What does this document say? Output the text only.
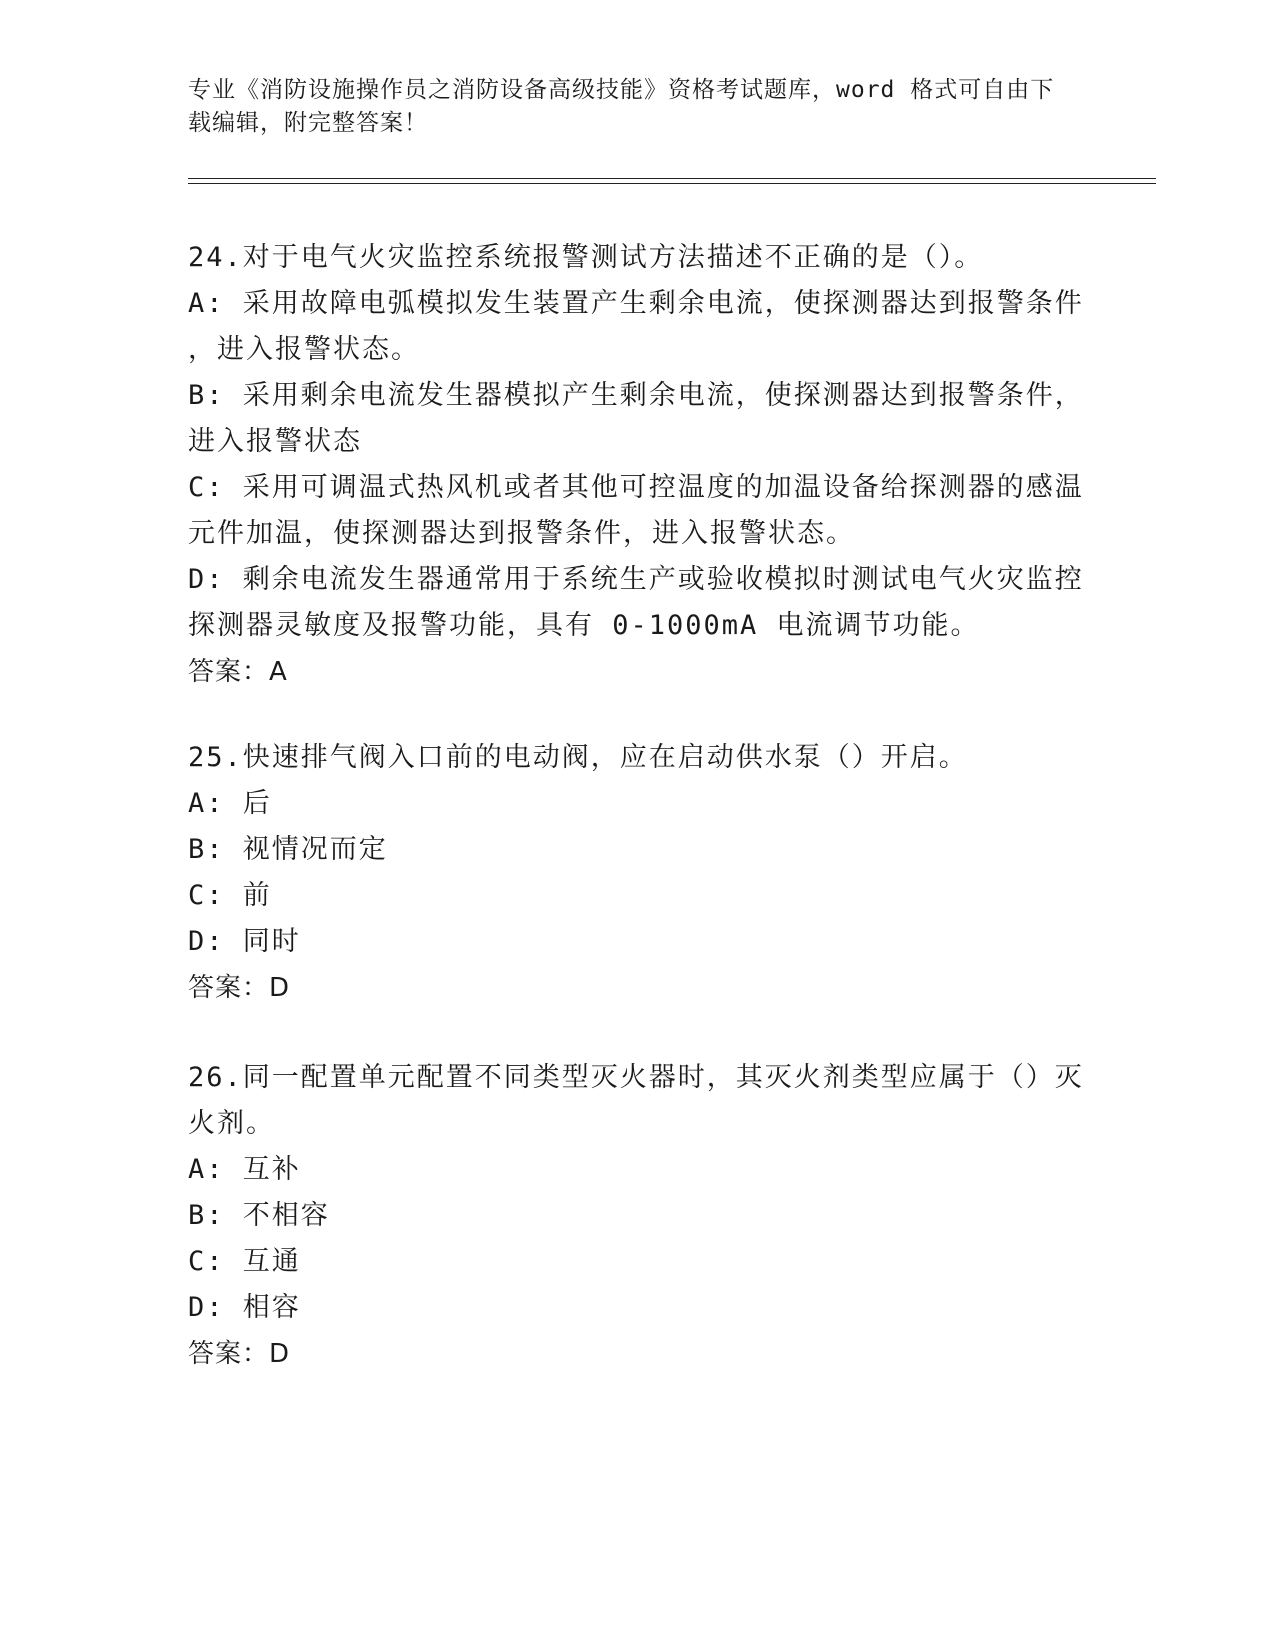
专业《消防设施操作员之消防设备高级技能》资格考试题库，word 格式可自由下
载编辑，附完整答案！
24.对于电气火灾监控系统报警测试方法描述不正确的是（）。
A: 采用故障电弧模拟发生装置产生剩余电流，使探测器达到报警条件
，进入报警状态。
B: 采用剩余电流发生器模拟产生剩余电流，使探测器达到报警条件，
进入报警状态
C: 采用可调温式热风机或者其他可控温度的加温设备给探测器的感温
元件加温，使探测器达到报警条件，进入报警状态。
D: 剩余电流发生器通常用于系统生产或验收模拟时测试电气火灾监控
探测器灵敏度及报警功能，具有 0-1000mA 电流调节功能。
答案：A
25.快速排气阀入口前的电动阀，应在启动供水泵（）开启。
A: 后
B: 视情况而定
C: 前
D: 同时
答案：D
26.同一配置单元配置不同类型灭火器时，其灭火剂类型应属于（）灭
火剂。
A: 互补
B: 不相容
C: 互通
D: 相容
答案：D
